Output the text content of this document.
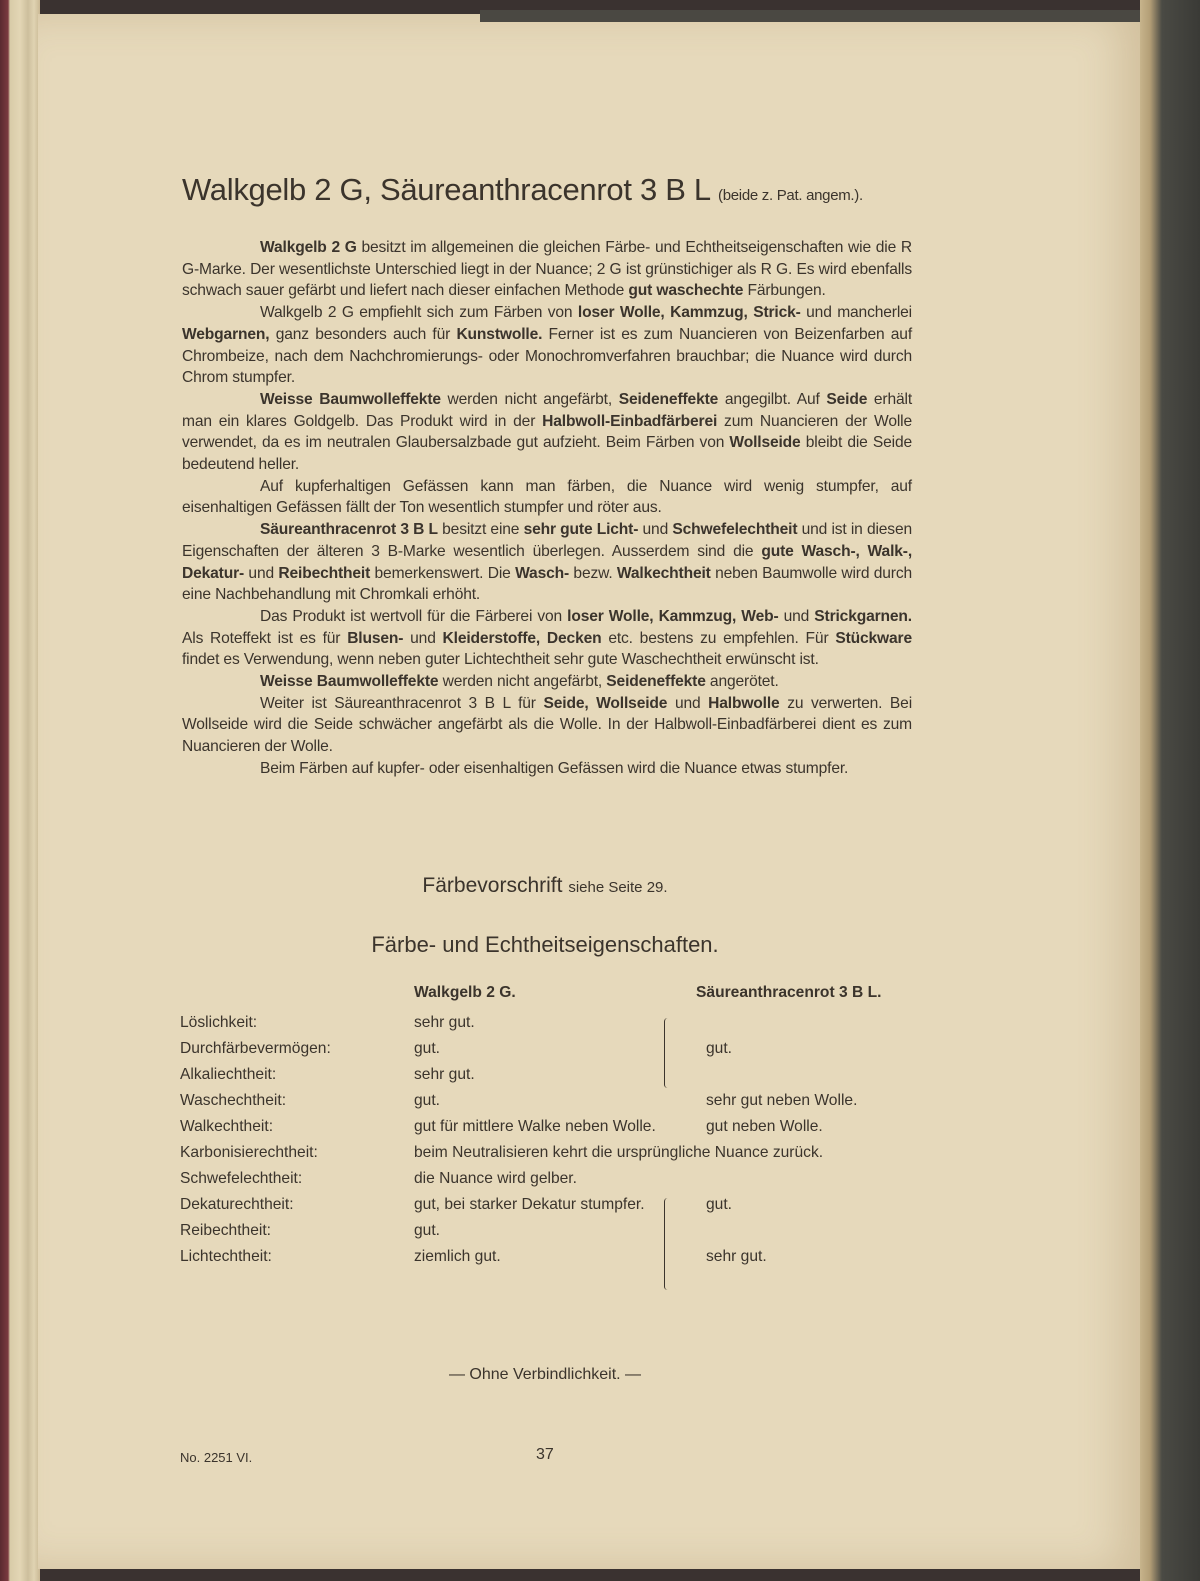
Walkgelb 2 G, Säureanthracenrot 3 B L (beide z. Pat. angem.).

Walkgelb 2 G besitzt im allgemeinen die gleichen Färbe- und Echtheitseigenschaften wie die R G-Marke. Der wesentlichste Unterschied liegt in der Nuance; 2 G ist grünstichiger als R G. Es wird ebenfalls schwach sauer gefärbt und liefert nach dieser einfachen Methode gut waschechte Färbungen.

Walkgelb 2 G empfiehlt sich zum Färben von loser Wolle, Kammzug, Strick- und mancherlei Webgarnen, ganz besonders auch für Kunstwolle. Ferner ist es zum Nuancieren von Beizenfarben auf Chrombeize, nach dem Nachchromierungs- oder Monochromverfahren brauchbar; die Nuance wird durch Chrom stumpfer.

Weisse Baumwolleffekte werden nicht angefärbt, Seideneffekte angegilbt. Auf Seide erhält man ein klares Goldgelb. Das Produkt wird in der Halbwoll-Einbadfärberei zum Nuancieren der Wolle verwendet, da es im neutralen Glaubersalzbade gut aufzieht. Beim Färben von Wollseide bleibt die Seide bedeutend heller.

Auf kupferhaltigen Gefässen kann man färben, die Nuance wird wenig stumpfer, auf eisenhaltigen Gefässen fällt der Ton wesentlich stumpfer und röter aus.

Säureanthracenrot 3 B L besitzt eine sehr gute Licht- und Schwefelechtheit und ist in diesen Eigenschaften der älteren 3 B-Marke wesentlich überlegen. Ausserdem sind die gute Wasch-, Walk-, Dekatur- und Reibechtheit bemerkenswert. Die Wasch- bezw. Walkechtheit neben Baumwolle wird durch eine Nachbehandlung mit Chromkali erhöht.

Das Produkt ist wertvoll für die Färberei von loser Wolle, Kammzug, Web- und Strickgarnen. Als Roteffekt ist es für Blusen- und Kleiderstoffe, Decken etc. bestens zu empfehlen. Für Stückware findet es Verwendung, wenn neben guter Lichtechtheit sehr gute Waschechtheit erwünscht ist.

Weisse Baumwolleffekte werden nicht angefärbt, Seideneffekte angerötet.

Weiter ist Säureanthracenrot 3 B L für Seide, Wollseide und Halbwolle zu verwerten. Bei Wollseide wird die Seide schwächer angefärbt als die Wolle. In der Halbwoll-Einbadfärberei dient es zum Nuancieren der Wolle.

Beim Färben auf kupfer- oder eisenhaltigen Gefässen wird die Nuance etwas stumpfer.

Färbevorschrift siehe Seite 29.
Färbe- und Echtheitseigenschaften.
	Walkgelb 2 G.	Säureanthracenrot 3 B L.
Löslichkeit:	sehr gut.	
Durchfärbevermögen:	gut.	gut.
Alkaliechtheit:	sehr gut.	
Waschechtheit:	gut.	sehr gut neben Wolle.
Walkechtheit:	gut für mittlere Walke neben Wolle.	gut neben Wolle.
Karbonisierechtheit:	beim Neutralisieren kehrt die ursprüngliche Nuance zurück.	
Schwefelechtheit:	die Nuance wird gelber.	
Dekaturechtheit:	gut, bei starker Dekatur stumpfer.	gut.
Reibechtheit:	gut.	
Lichtechtheit:	ziemlich gut.	sehr gut.
— Ohne Verbindlichkeit. —
No. 2251 VI.	37
